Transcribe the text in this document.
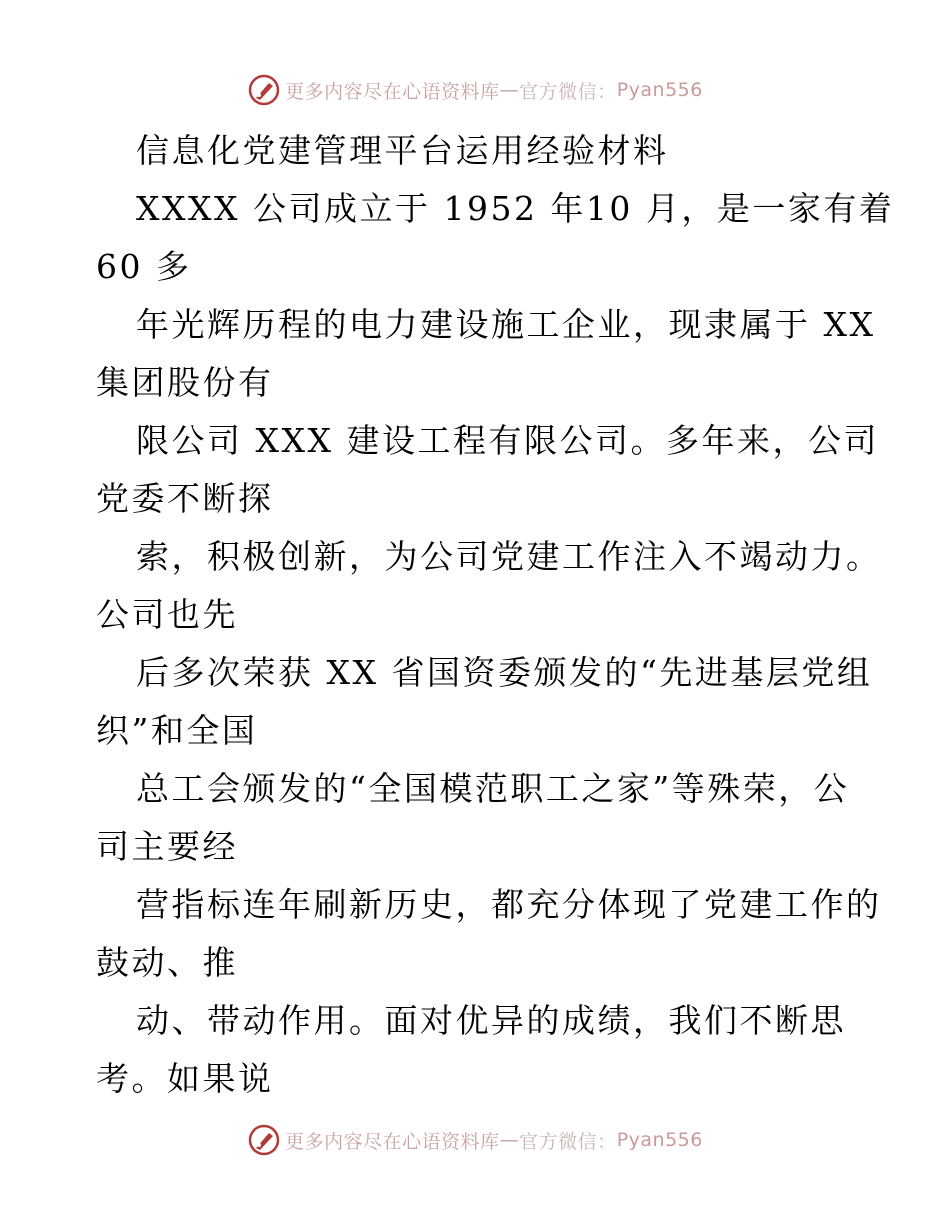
更多内容尽在心语资料库 — 官方微信： Pyan556
信息化党建管理平台运用经验材料
XXXX 公司成立于 1952 年10 月，是一家有着
60 多
年光辉历程的电力建设施工企业，现隶属于 XX
集团股份有
限公司 XXX 建设工程有限公司。多年来，公司
党委不断探
索，积极创新，为公司党建工作注入不竭动力。
公司也先
后多次荣获 XX 省国资委颁发的“先进基层党组
织”和全国
总工会颁发的“全国模范职工之家”等殊荣，公
司主要经
营指标连年刷新历史，都充分体现了党建工作的
鼓动、推
动、带动作用。面对优异的成绩，我们不断思
考。如果说
更多内容尽在心语资料库 — 官方微信： Pyan556
